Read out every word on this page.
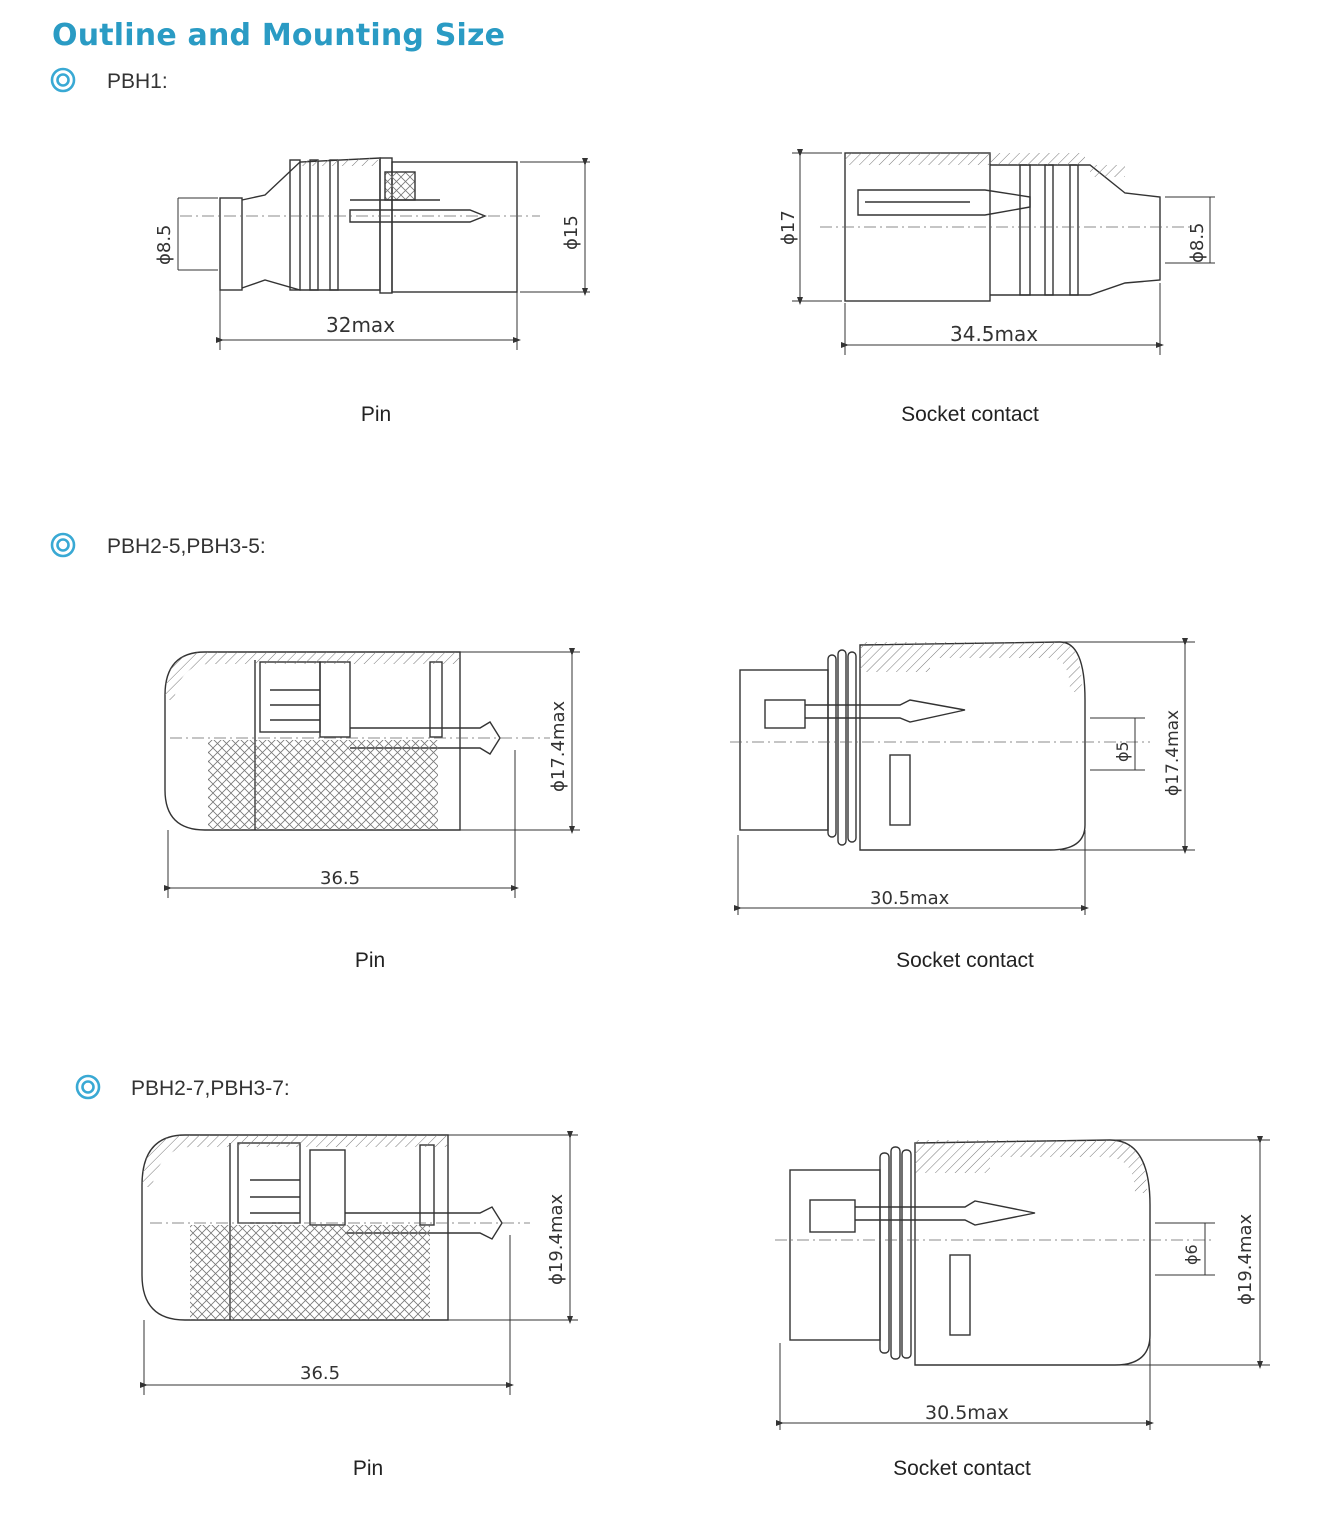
Outline and Mounting Size
PBH1:
32max
ϕ8.5	ϕ15
Pin
34.5max
ϕ17	ϕ8.5
Socket contact
PBH2-5,PBH3-5:
36.5
ϕ17.4max
Pin
30.5max
ϕ5 ϕ17.4max
Socket contact
PBH2-7,PBH3-7:
36.5
ϕ19.4max
Pin
30.5max
ϕ6 ϕ19.4max
Socket contact
